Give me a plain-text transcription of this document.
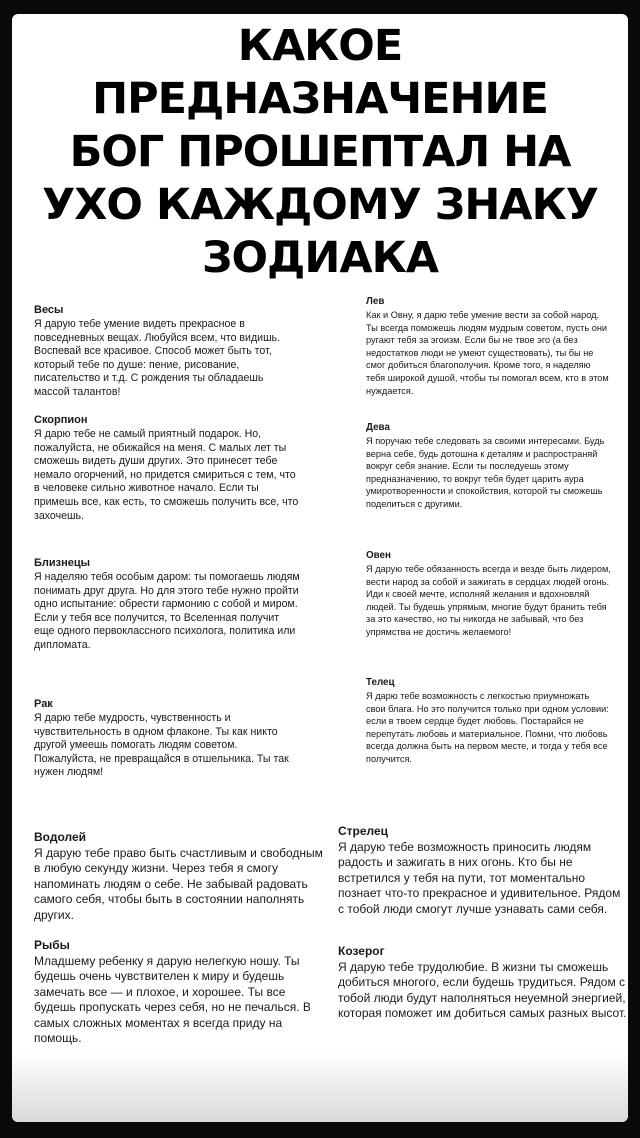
КАКОЕ
ПРЕДНАЗНАЧЕНИЕ
БОГ ПРОШЕПТАЛ НА
УХО КАЖДОМУ ЗНАКУ
ЗОДИАКА
Весы

Я дарую тебе умение видеть прекрасное в повседневных вещах. Любуйся всем, что видишь. Воспевай все красивое. Способ может быть тот, который тебе по душе: пение, рисование, писательство и т.д. С рождения ты обладаешь массой талантов!

Скорпион

Я дарю тебе не самый приятный подарок. Но, пожалуйста, не обижайся на меня. С малых лет ты сможешь видеть души других. Это принесет тебе немало огорчений, но придется смириться с тем, что в человеке сильно животное начало. Если ты примешь все, как есть, то сможешь получить все, что захочешь.

Близнецы

Я наделяю тебя особым даром: ты помогаешь людям понимать друг друга. Но для этого тебе нужно пройти одно испытание: обрести гармонию с собой и миром. Если у тебя все получится, то Вселенная получит еще одного первоклассного психолога, политика или дипломата.

Рак

Я дарю тебе мудрость, чувственность и чувствительность в одном флаконе. Ты как никто другой умеешь помогать людям советом. Пожалуйста, не превращайся в отшельника. Ты так нужен людям!

Лев

Как и Овну, я дарю тебе умение вести за собой народ. Ты всегда поможешь людям мудрым советом, пусть они ругают тебя за эгоизм. Если бы не твое эго (а без недостатков люди не умеют существовать), ты бы не смог добиться благополучия. Кроме того, я наделяю тебя широкой душой, чтобы ты помогал всем, кто в этом нуждается.

Дева

Я поручаю тебе следовать за своими интересами. Будь верна себе, будь дотошна к деталям и распространяй вокруг себя знание. Если ты последуешь этому предназначению, то вокруг тебя будет царить аура умиротворенности и спокойствия, которой ты сможешь поделиться с другими.

Овен

Я дарую тебе обязанность всегда и везде быть лидером, вести народ за собой и зажигать в сердцах людей огонь. Иди к своей мечте, исполняй желания и вдохновляй людей. Ты будешь упрямым, многие будут бранить тебя за это качество, но ты никогда не забывай, что без упрямства не достичь желаемого!

Телец

Я дарю тебе возможность с легкостью приумножать свои блага. Но это получится только при одном условии: если в твоем сердце будет любовь. Постарайся не перепутать любовь и материальное. Помни, что любовь всегда должна быть на первом месте, и тогда у тебя все получится.

Водолей

Я дарую тебе право быть счастливым и свободным в любую секунду жизни. Через тебя я смогу напоминать людям о себе. Не забывай радовать самого себя, чтобы быть в состоянии наполнять других.

Рыбы

Младшему ребенку я дарую нелегкую ношу. Ты будешь очень чувствителен к миру и будешь замечать все — и плохое, и хорошее. Ты все будешь пропускать через себя, но не печалься. В самых сложных моментах я всегда приду на помощь.

Стрелец

Я дарую тебе возможность приносить людям радость и зажигать в них огонь. Кто бы не встретился у тебя на пути, тот моментально познает что-то прекрасное и удивительное. Рядом с тобой люди смогут лучше узнавать сами себя.

Козерог

Я дарую тебе трудолюбие. В жизни ты сможешь добиться многого, если будешь трудиться. Рядом с тобой люди будут наполняться неуемной энергией, которая поможет им добиться самых разных высот.
